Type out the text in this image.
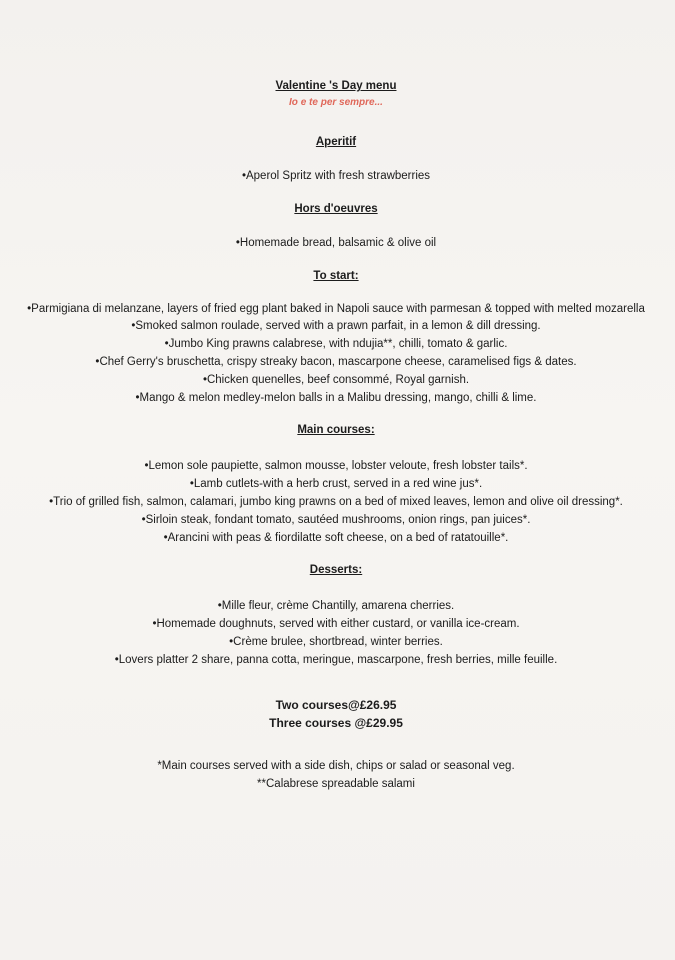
Valentine 's Day menu
Io e te per sempre...
Aperitif
•Aperol Spritz with fresh strawberries
Hors d'oeuvres
•Homemade bread, balsamic & olive oil
To start:
•Parmigiana di melanzane, layers of fried egg plant baked in Napoli sauce with parmesan & topped with melted mozarella
•Smoked salmon roulade, served with a prawn parfait, in a lemon & dill dressing.
•Jumbo King prawns calabrese, with ndujia**, chilli, tomato & garlic.
•Chef Gerry's bruschetta, crispy streaky bacon, mascarpone cheese, caramelised figs & dates.
•Chicken quenelles, beef consommé, Royal garnish.
•Mango & melon medley-melon balls in a Malibu dressing, mango, chilli & lime.
Main courses:
•Lemon sole paupiette, salmon mousse, lobster veloute, fresh lobster tails*.
•Lamb cutlets-with a herb crust, served in a red wine jus*.
•Trio of grilled fish, salmon, calamari, jumbo king prawns on a bed of mixed leaves, lemon and olive oil dressing*.
•Sirloin steak, fondant tomato, sautéed mushrooms, onion rings, pan juices*.
•Arancini with peas & fiordilatte soft cheese, on a bed of ratatouille*.
Desserts:
•Mille fleur, crème Chantilly, amarena cherries.
•Homemade doughnuts, served with either custard, or vanilla ice-cream.
•Crème brulee, shortbread, winter berries.
•Lovers platter 2 share, panna cotta, meringue, mascarpone, fresh berries, mille feuille.
Two courses@£26.95
Three courses @£29.95
*Main courses served with a side dish, chips or salad or seasonal veg.
**Calabrese spreadable salami
